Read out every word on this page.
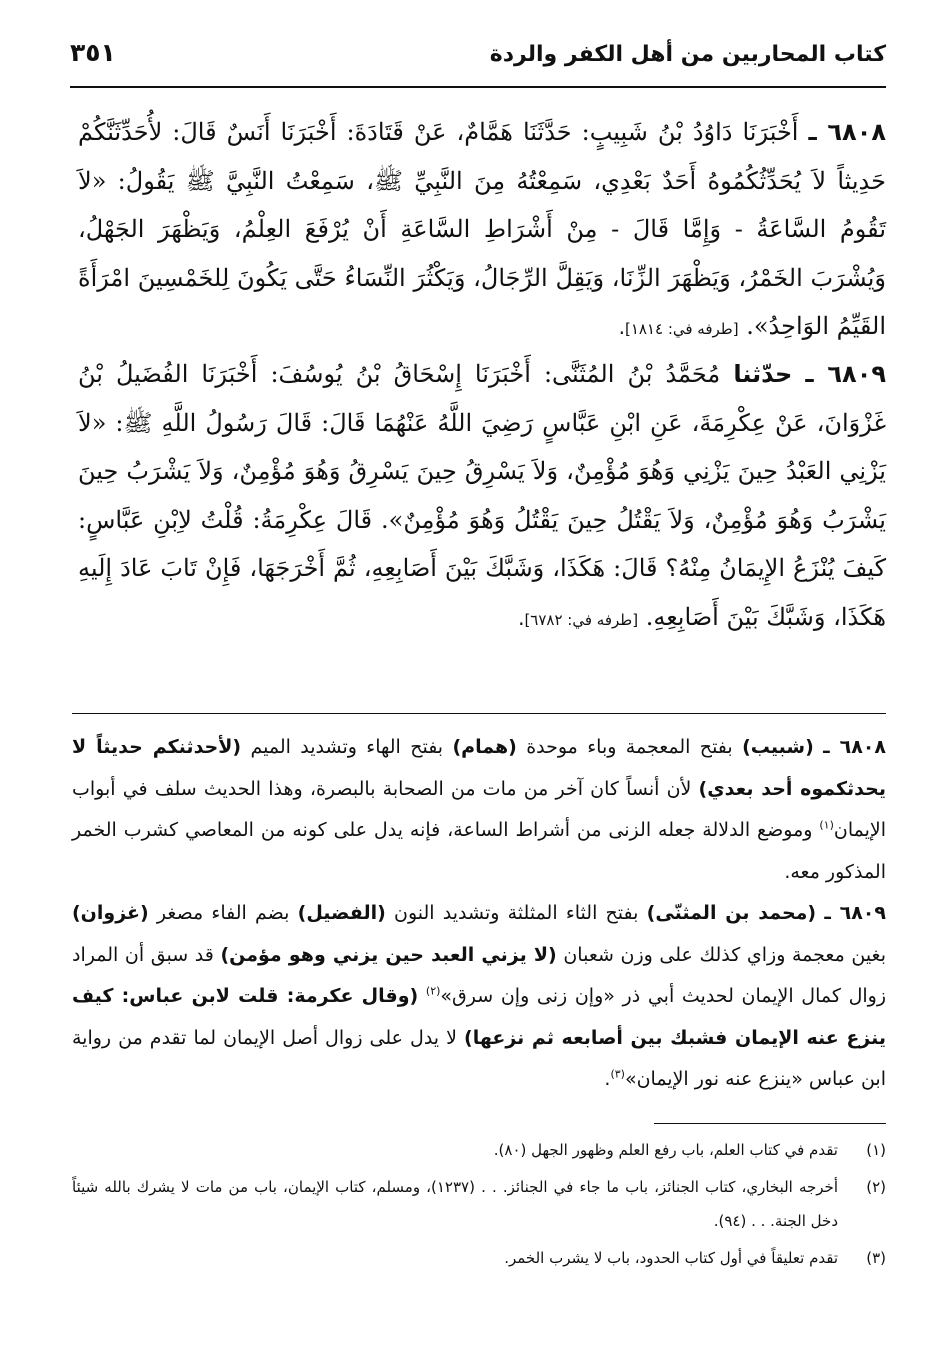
كتاب المحاربين من أهل الكفر والردة
٣٥١

٦٨٠٨ ـ أَخْبَرَنَا دَاوُدُ بْنُ شَبِيبٍ: حَدَّثَنَا هَمَّامٌ، عَنْ قَتَادَةَ: أَخْبَرَنَا أَنَسٌ قَالَ: لأُحَدِّثَنَّكُمْ حَدِيثاً لاَ يُحَدِّثُكُمُوهُ أَحَدٌ بَعْدِي، سَمِعْتُهُ مِنَ النَّبِيِّ ﷺ، سَمِعْتُ النَّبِيَّ ﷺ يَقُولُ: «لاَ تَقُومُ السَّاعَةُ - وَإِمَّا قَالَ - مِنْ أَشْرَاطِ السَّاعَةِ أَنْ يُرْفَعَ العِلْمُ، وَيَظْهَرَ الجَهْلُ، وَيُشْرَبَ الخَمْرُ، وَيَظْهَرَ الزِّنَا، وَيَقِلَّ الرِّجَالُ، وَيَكْثُرَ النِّسَاءُ حَتَّى يَكُونَ لِلخَمْسِينَ امْرَأَةً القَيِّمُ الوَاحِدُ». [طرفه في: ١٨١٤].

٦٨٠٩ ـ حدّثنا مُحَمَّدُ بْنُ المُثَنَّى: أَخْبَرَنَا إِسْحَاقُ بْنُ يُوسُفَ: أَخْبَرَنَا الفُضَيلُ بْنُ غَزْوَانَ، عَنْ عِكْرِمَةَ، عَنِ ابْنِ عَبَّاسٍ رَضِيَ اللَّهُ عَنْهُمَا قَالَ: قَالَ رَسُولُ اللَّهِ ﷺ: «لاَ يَزْنِي العَبْدُ حِينَ يَزْنِي وَهُوَ مُؤْمِنٌ، وَلاَ يَسْرِقُ حِينَ يَسْرِقُ وَهُوَ مُؤْمِنٌ، وَلاَ يَشْرَبُ حِينَ يَشْرَبُ وَهُوَ مُؤْمِنٌ، وَلاَ يَقْتُلُ حِينَ يَقْتُلُ وَهُوَ مُؤْمِنٌ». قَالَ عِكْرِمَةُ: قُلْتُ لاِبْنِ عَبَّاسٍ: كَيفَ يُنْزَعُ الإِيمَانُ مِنْهُ؟ قَالَ: هَكَذَا، وَشَبَّكَ بَيْنَ أَصَابِعِهِ، ثُمَّ أَخْرَجَهَا، فَإِنْ تَابَ عَادَ إِلَيهِ هَكَذَا، وَشَبَّكَ بَيْنَ أَصَابِعِهِ. [طرفه في: ٦٧٨٢].

٦٨٠٨ ـ (شبيب) بفتح المعجمة وباء موحدة (همام) بفتح الهاء وتشديد الميم (لأحدثنكم حديثاً لا يحدثكموه أحد بعدي) لأن أنساً كان آخر من مات من الصحابة بالبصرة، وهذا الحديث سلف في أبواب الإيمان$^{(١)}$ وموضع الدلالة جعله الزنى من أشراط الساعة، فإنه يدل على كونه من المعاصي كشرب الخمر المذكور معه.

٦٨٠٩ ـ (محمد بن المثنّى) بفتح الثاء المثلثة وتشديد النون (الفضيل) بضم الفاء مصغر (غزوان) بغين معجمة وزاي كذلك على وزن شعبان (لا يزني العبد حين يزني وهو مؤمن) قد سبق أن المراد زوال كمال الإيمان لحديث أبي ذر «وإن زنى وإن سرق»$^{(٢)}$ (وقال عكرمة: قلت لابن عباس: كيف ينزع عنه الإيمان فشبك بين أصابعه ثم نزعها) لا يدل على زوال أصل الإيمان لما تقدم من رواية ابن عباس «ينزع عنه نور الإيمان»$^{(٣)}$.

(١)
تقدم في كتاب العلم، باب رفع العلم وظهور الجهل (٨٠).
(٢)
أخرجه البخاري، كتاب الجنائز، باب ما جاء في الجنائز. . . (١٢٣٧)، ومسلم، كتاب الإيمان، باب من مات لا يشرك بالله شيئاً دخل الجنة. . . (٩٤).
(٣)
تقدم تعليقاً في أول كتاب الحدود، باب لا يشرب الخمر.
